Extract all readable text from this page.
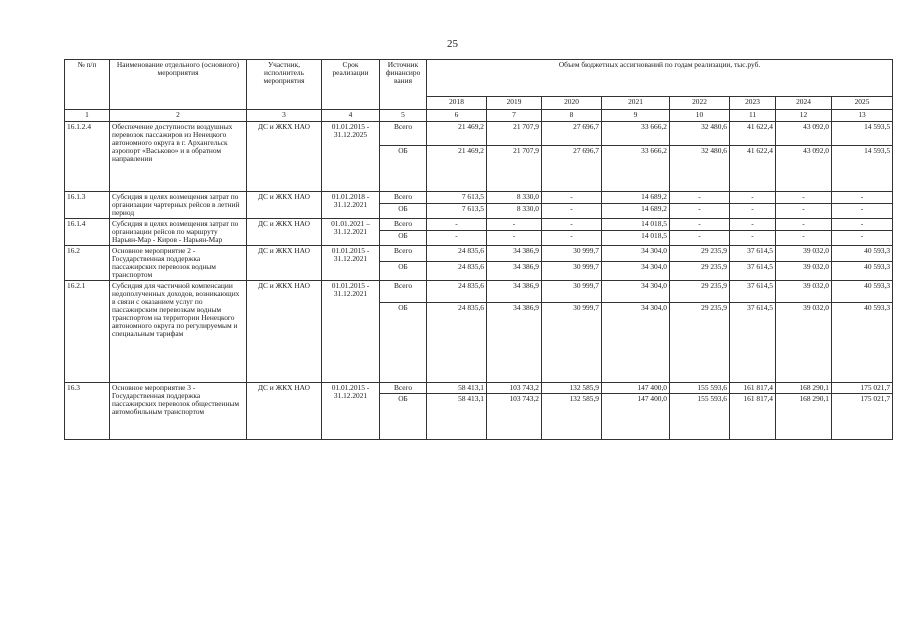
25
№ п/п	Наименование отдельного (основного) мероприятия	Участник, исполнитель мероприятия	Срок реализации	Источник финансиро вания	Объем бюджетных ассигнований по годам реализации, тыс.руб.							
					2018	2019	2020	2021	2022	2023	2024	2025
1	2	3	4	5	6	7	8	9	10	11	12	13
16.1.2.4	Обеспечение доступности воздушных перевозок пассажиров из Ненецкого автономного округа в г. Архангельск аэропорт «Васьково» и в обратном направлении	ДС и ЖКХ НАО	01.01.2015 - 31.12.2025	Всего	21 469,2	21 707,9	27 696,7	33 666,2	32 480,6	41 622,4	43 092,0	14 593,5
				ОБ	21 469,2	21 707,9	27 696,7	33 666,2	32 480,6	41 622,4	43 092,0	14 593,5
16.1.3	Субсидия в целях возмещения затрат по организации чартерных рейсов в летний период	ДС и ЖКХ НАО	01.01.2018 - 31.12.2021	Всего	7 613,5	8 330,0	-	14 689,2	-	-	-	-
				ОБ	7 613,5	8 330,0	-	14 689,2	-	-	-	-
16.1.4	Субсидия в целях возмещения затрат по организации рейсов по маршруту Нарьян-Мар - Киров - Нарьян-Мар	ДС и ЖКХ НАО	01.01.2021 – 31.12.2021	Всего	-	-	-	14 018,5	-	-	-	-
				ОБ	-	-	-	14 018,5	-	-	-	-
16.2	Основное мероприятие 2 - Государственная поддержка пассажирских перевозок водным транспортом	ДС и ЖКХ НАО	01.01.2015 - 31.12.2021	Всего	24 835,6	34 386,9	30 999,7	34 304,0	29 235,9	37 614,5	39 032,0	40 593,3
				ОБ	24 835,6	34 386,9	30 999,7	34 304,0	29 235,9	37 614,5	39 032,0	40 593,3
16.2.1	Субсидия для частичной компенсации недополученных доходов, возникающих в связи с оказанием услуг по пассажирским перевозкам водным транспортом на территории Ненецкого автономного округа по регулируемым и специальным тарифам	ДС и ЖКХ НАО	01.01.2015 - 31.12.2021	Всего	24 835,6	34 386,9	30 999,7	34 304,0	29 235,9	37 614,5	39 032,0	40 593,3
				ОБ	24 835,6	34 386,9	30 999,7	34 304,0	29 235,9	37 614,5	39 032,0	40 593,3
16.3	Основное мероприятие 3 - Государственная поддержка пассажирских перевозок общественным автомобильным транспортом	ДС и ЖКХ НАО	01.01.2015 - 31.12.2021	Всего	58 413,1	103 743,2	132 585,9	147 400,0	155 593,6	161 817,4	168 290,1	175 021,7
				ОБ	58 413,1	103 743,2	132 585,9	147 400,0	155 593,6	161 817,4	168 290,1	175 021,7
